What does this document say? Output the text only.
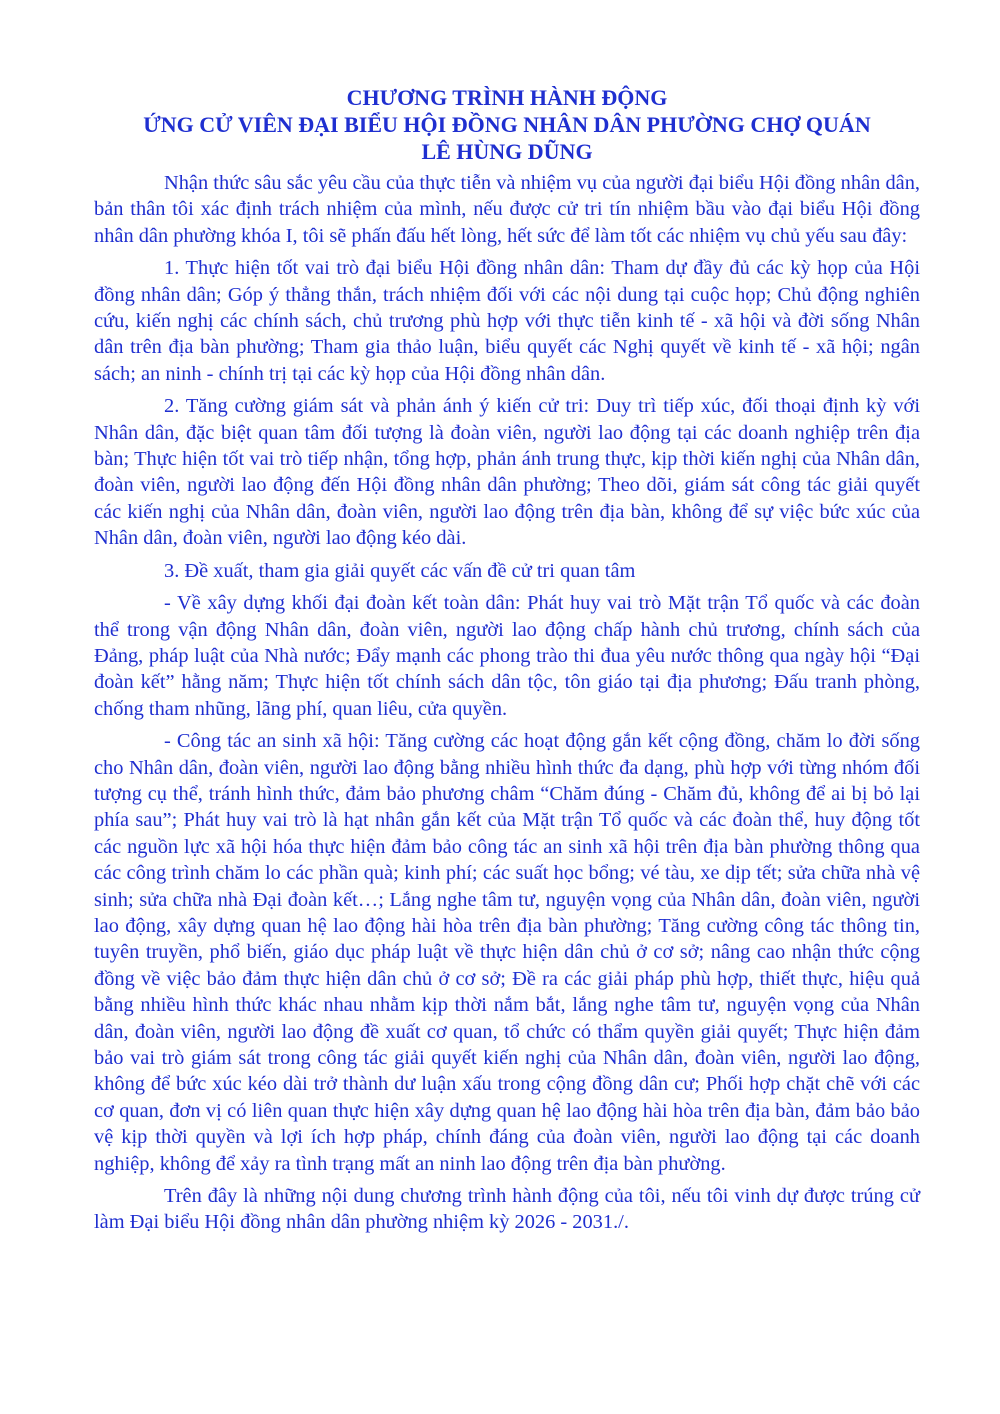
CHƯƠNG TRÌNH HÀNH ĐỘNG
ỨNG CỬ VIÊN ĐẠI BIỂU HỘI ĐỒNG NHÂN DÂN PHƯỜNG CHỢ QUÁN
LÊ HÙNG DŨNG

Nhận thức sâu sắc yêu cầu của thực tiễn và nhiệm vụ của người đại biểu Hội đồng nhân dân, bản thân tôi xác định trách nhiệm của mình, nếu được cử tri tín nhiệm bầu vào đại biểu Hội đồng nhân dân phường khóa I, tôi sẽ phấn đấu hết lòng, hết sức để làm tốt các nhiệm vụ chủ yếu sau đây:

1. Thực hiện tốt vai trò đại biểu Hội đồng nhân dân: Tham dự đầy đủ các kỳ họp của Hội đồng nhân dân; Góp ý thẳng thắn, trách nhiệm đối với các nội dung tại cuộc họp; Chủ động nghiên cứu, kiến nghị các chính sách, chủ trương phù hợp với thực tiễn kinh tế - xã hội và đời sống Nhân dân trên địa bàn phường; Tham gia thảo luận, biểu quyết các Nghị quyết về kinh tế - xã hội; ngân sách; an ninh - chính trị tại các kỳ họp của Hội đồng nhân dân.

2. Tăng cường giám sát và phản ánh ý kiến cử tri: Duy trì tiếp xúc, đối thoại định kỳ với Nhân dân, đặc biệt quan tâm đối tượng là đoàn viên, người lao động tại các doanh nghiệp trên địa bàn; Thực hiện tốt vai trò tiếp nhận, tổng hợp, phản ánh trung thực, kịp thời kiến nghị của Nhân dân, đoàn viên, người lao động đến Hội đồng nhân dân phường; Theo dõi, giám sát công tác giải quyết các kiến nghị của Nhân dân, đoàn viên, người lao động trên địa bàn, không để sự việc bức xúc của Nhân dân, đoàn viên, người lao động kéo dài.

3. Đề xuất, tham gia giải quyết các vấn đề cử tri quan tâm

- Về xây dựng khối đại đoàn kết toàn dân: Phát huy vai trò Mặt trận Tổ quốc và các đoàn thể trong vận động Nhân dân, đoàn viên, người lao động chấp hành chủ trương, chính sách của Đảng, pháp luật của Nhà nước; Đẩy mạnh các phong trào thi đua yêu nước thông qua ngày hội “Đại đoàn kết” hằng năm; Thực hiện tốt chính sách dân tộc, tôn giáo tại địa phương; Đấu tranh phòng, chống tham nhũng, lãng phí, quan liêu, cửa quyền.

- Công tác an sinh xã hội: Tăng cường các hoạt động gắn kết cộng đồng, chăm lo đời sống cho Nhân dân, đoàn viên, người lao động bằng nhiều hình thức đa dạng, phù hợp với từng nhóm đối tượng cụ thể, tránh hình thức, đảm bảo phương châm “Chăm đúng - Chăm đủ, không để ai bị bỏ lại phía sau”; Phát huy vai trò là hạt nhân gắn kết của Mặt trận Tổ quốc và các đoàn thể, huy động tốt các nguồn lực xã hội hóa thực hiện đảm bảo công tác an sinh xã hội trên địa bàn phường thông qua các công trình chăm lo các phần quà; kinh phí; các suất học bổng; vé tàu, xe dịp tết; sửa chữa nhà vệ sinh; sửa chữa nhà Đại đoàn kết…; Lắng nghe tâm tư, nguyện vọng của Nhân dân, đoàn viên, người lao động, xây dựng quan hệ lao động hài hòa trên địa bàn phường; Tăng cường công tác thông tin, tuyên truyền, phổ biến, giáo dục pháp luật về thực hiện dân chủ ở cơ sở; nâng cao nhận thức cộng đồng về việc bảo đảm thực hiện dân chủ ở cơ sở; Đề ra các giải pháp phù hợp, thiết thực, hiệu quả bằng nhiều hình thức khác nhau nhằm kịp thời nắm bắt, lắng nghe tâm tư, nguyện vọng của Nhân dân, đoàn viên, người lao động đề xuất cơ quan, tổ chức có thẩm quyền giải quyết; Thực hiện đảm bảo vai trò giám sát trong công tác giải quyết kiến nghị của Nhân dân, đoàn viên, người lao động, không để bức xúc kéo dài trở thành dư luận xấu trong cộng đồng dân cư; Phối hợp chặt chẽ với các cơ quan, đơn vị có liên quan thực hiện xây dựng quan hệ lao động hài hòa trên địa bàn, đảm bảo bảo vệ kịp thời quyền và lợi ích hợp pháp, chính đáng của đoàn viên, người lao động tại các doanh nghiệp, không để xảy ra tình trạng mất an ninh lao động trên địa bàn phường.

Trên đây là những nội dung chương trình hành động của tôi, nếu tôi vinh dự được trúng cử làm Đại biểu Hội đồng nhân dân phường nhiệm kỳ 2026 - 2031./.
